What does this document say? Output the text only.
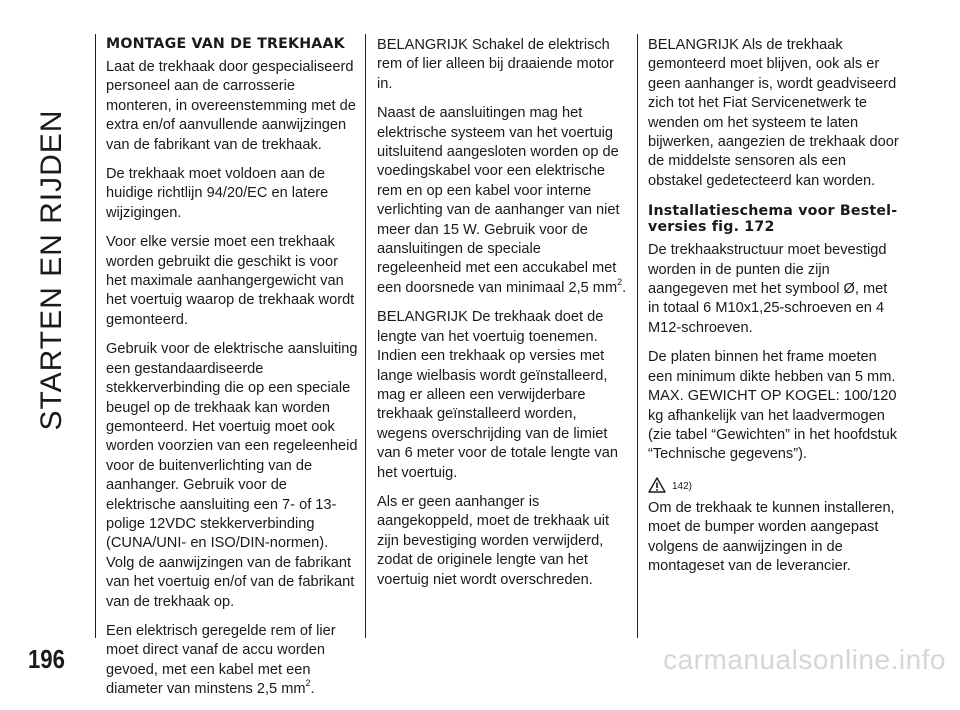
STARTEN EN RIJDEN
MONTAGE VAN DE TREKHAAK

Laat de trekhaak door gespecialiseerd personeel aan de carrosserie monteren, in overeenstemming met de extra en/of aanvullende aanwijzingen van de fabrikant van de trekhaak.

De trekhaak moet voldoen aan de huidige richtlijn 94/20/EC en latere wijzigingen.

Voor elke versie moet een trekhaak worden gebruikt die geschikt is voor het maximale aanhangergewicht van het voertuig waarop de trekhaak wordt gemonteerd.

Gebruik voor de elektrische aansluiting een gestandaardiseerde stekkerverbinding die op een speciale beugel op de trekhaak kan worden gemonteerd. Het voertuig moet ook worden voorzien van een regeleenheid voor de buitenverlichting van de aanhanger. Gebruik voor de elektrische aansluiting een 7- of 13-polige 12VDC stekkerverbinding (CUNA/UNI- en ISO/DIN-normen). Volg de aanwijzingen van de fabrikant van het voertuig en/of van de fabrikant van de trekhaak op.

Een elektrisch geregelde rem of lier moet direct vanaf de accu worden gevoed, met een kabel met een diameter van minstens 2,5 $mm^2$.

BELANGRIJK Schakel de elektrisch rem of lier alleen bij draaiende motor in.

Naast de aansluitingen mag het elektrische systeem van het voertuig uitsluitend aangesloten worden op de voedingskabel voor een elektrische rem en op een kabel voor interne verlichting van de aanhanger van niet meer dan 15 W. Gebruik voor de aansluitingen de speciale regeleenheid met een accukabel met een doorsnede van minimaal 2,5 $mm^2$.

BELANGRIJK De trekhaak doet de lengte van het voertuig toenemen. Indien een trekhaak op versies met lange wielbasis wordt geïnstalleerd, mag er alleen een verwijderbare trekhaak geïnstalleerd worden, wegens overschrijding van de limiet van 6 meter voor de totale lengte van het voertuig.

Als er geen aanhanger is aangekoppeld, moet de trekhaak uit zijn bevestiging worden verwijderd, zodat de originele lengte van het voertuig niet wordt overschreden.

BELANGRIJK Als de trekhaak gemonteerd moet blijven, ook als er geen aanhanger is, wordt geadviseerd zich tot het Fiat Servicenetwerk te wenden om het systeem te laten bijwerken, aangezien de trekhaak door de middelste sensoren als een obstakel gedetecteerd kan worden.

Installatieschema voor Bestel-versies fig. 172

De trekhaakstructuur moet bevestigd worden in de punten die zijn aangegeven met het symbool Ø, met in totaal 6 M10x1,25-schroeven en 4 M12-schroeven.

De platen binnen het frame moeten een minimum dikte hebben van 5 mm. MAX. GEWICHT OP KOGEL: 100/120 kg afhankelijk van het laadvermogen (zie tabel “Gewichten” in het hoofdstuk “Technische gegevens”).

142)

Om de trekhaak te kunnen installeren, moet de bumper worden aangepast volgens de aanwijzingen in de montageset van de leverancier.

196	carmanualsonline.info
